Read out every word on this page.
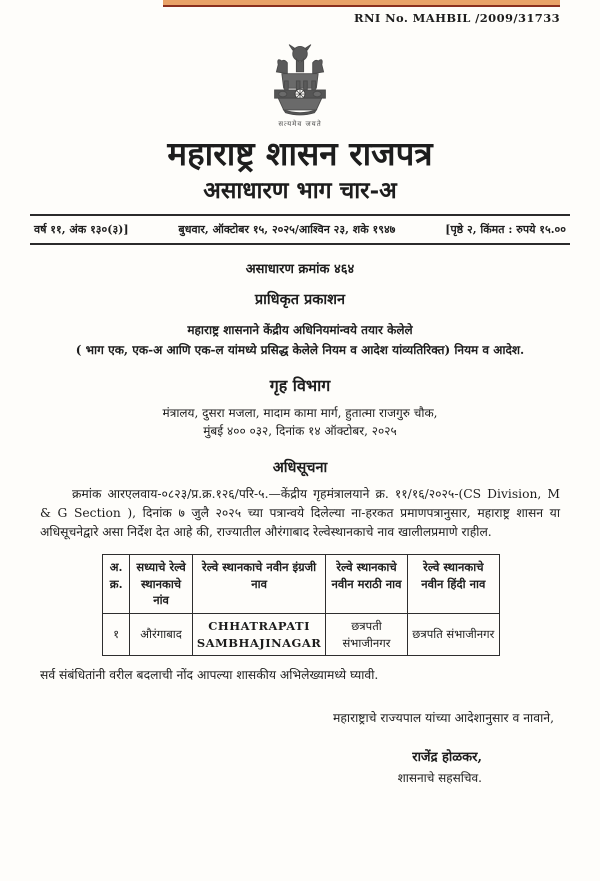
RNI No. MAHBIL /2009/31733
सत्यमेव जयते
महाराष्ट्र शासन राजपत्र
असाधारण भाग चार-अ
वर्ष ११, अंक १३०(३)]	बुधवार, ऑक्टोबर १५, २०२५/आश्विन २३, शके १९४७	[पृष्ठे २, किंमत : रुपये १५.००
असाधारण क्रमांक ४६४
प्राधिकृत प्रकाशन
महाराष्ट्र शासनाने केंद्रीय अधिनियमांन्वये तयार केलेले
( भाग एक, एक-अ आणि एक-ल यांमध्ये प्रसिद्ध केलेले नियम व आदेश यांव्यतिरिक्त) नियम व आदेश.
गृह विभाग
मंत्रालय, दुसरा मजला, मादाम कामा मार्ग, हुतात्मा राजगुरु चौक,
मुंबई ४०० ०३२, दिनांक १४ ऑक्टोबर, २०२५
अधिसूचना
क्रमांक आरएलवाय-०८२३/प्र.क्र.१२६/परि-५.—केंद्रीय गृहमंत्रालयाने क्र. ११/१६/२०२५-(CS Division, M & G Section ), दिनांक ७ जुलै २०२५ च्या पत्रान्वये दिलेल्या ना-हरकत प्रमाणपत्रानुसार, महाराष्ट्र शासन या अधिसूचनेद्वारे असा निर्देश देत आहे की, राज्यातील औरंगाबाद रेल्वेस्थानकाचे नाव खालीलप्रमाणे राहील.
अ. क्र.	सध्याचे रेल्वे स्थानकाचे नांव	रेल्वे स्थानकाचे नवीन इंग्रजी नाव	रेल्वे स्थानकाचे नवीन मराठी नाव	रेल्वे स्थानकाचे नवीन हिंदी नाव
१	औरंगाबाद	CHHATRAPATI SAMBHAJINAGAR	छत्रपती संभाजीनगर	छत्रपति संभाजीनगर
सर्व संबंधितांनी वरील बदलाची नोंद आपल्या शासकीय अभिलेख्यामध्ये घ्यावी.
महाराष्ट्राचे राज्यपाल यांच्या आदेशानुसार व नावाने,
राजेंद्र होळकर,
शासनाचे सहसचिव.
